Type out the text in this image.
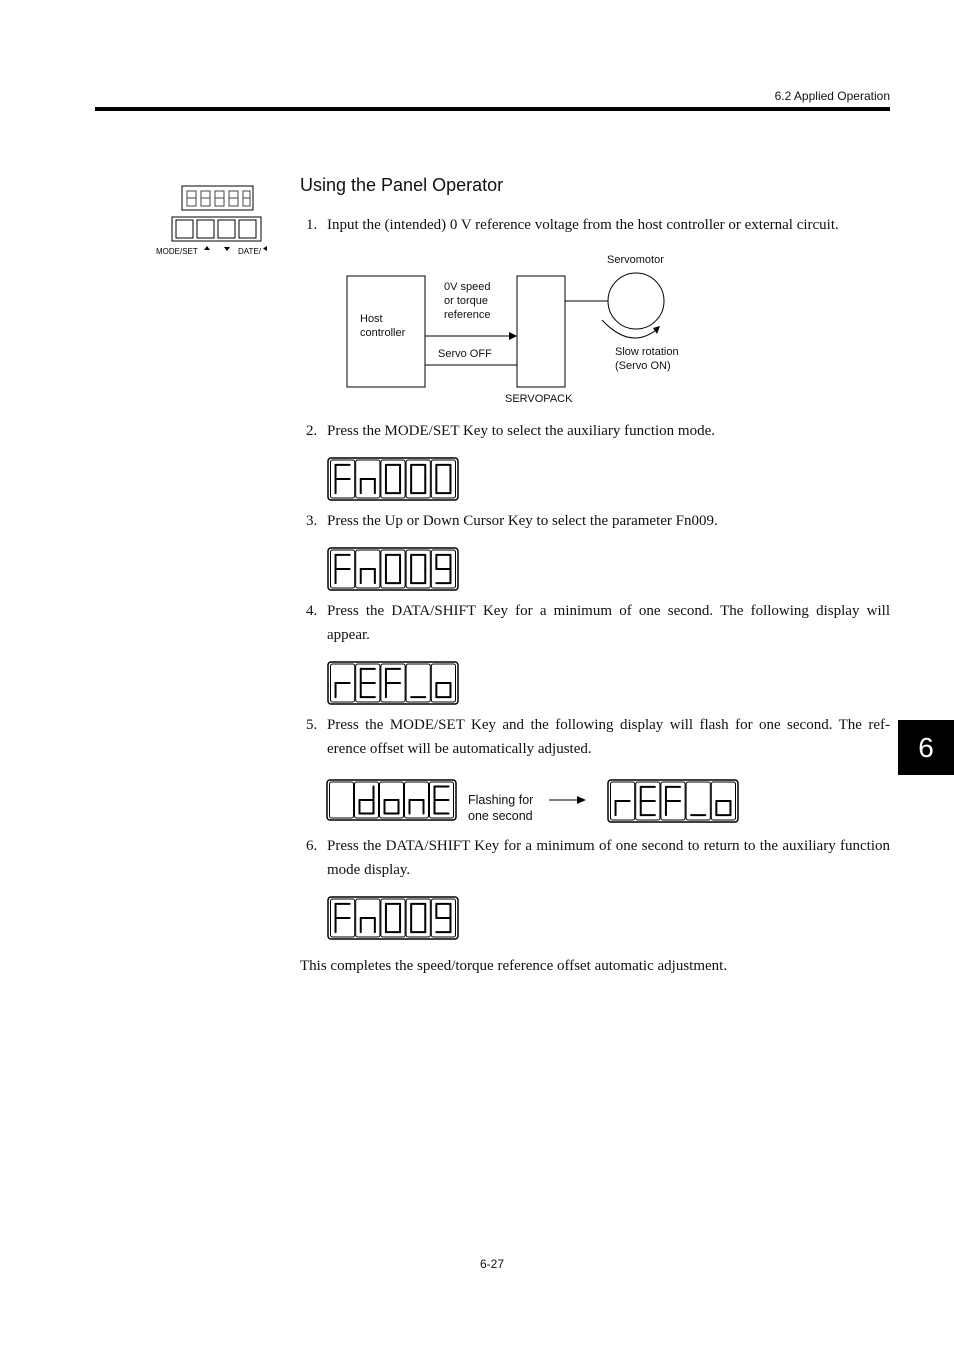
6.2 Applied Operation
6
MODE/SET	DATE/
Using the Panel Operator
1. Input the (intended) 0 V reference voltage from the host controller or external circuit.
Host
controller
0V speed
or torque
reference
Servo OFF
SERVOPACK
Servomotor
Slow rotation
(Servo ON)
2. Press the MODE/SET Key to select the auxiliary function mode.
3. Press the Up or Down Cursor Key to select the parameter Fn009.
4. Press the DATA/SHIFT Key for a minimum of one second. The following display will appear.
5. Press the MODE/SET Key and the following display will flash for one second. The ref-erence offset will be automatically adjusted.
Flashing for
one second
6. Press the DATA/SHIFT Key for a minimum of one second to return to the auxiliary function mode display.
This completes the speed/torque reference offset automatic adjustment.
6-27
